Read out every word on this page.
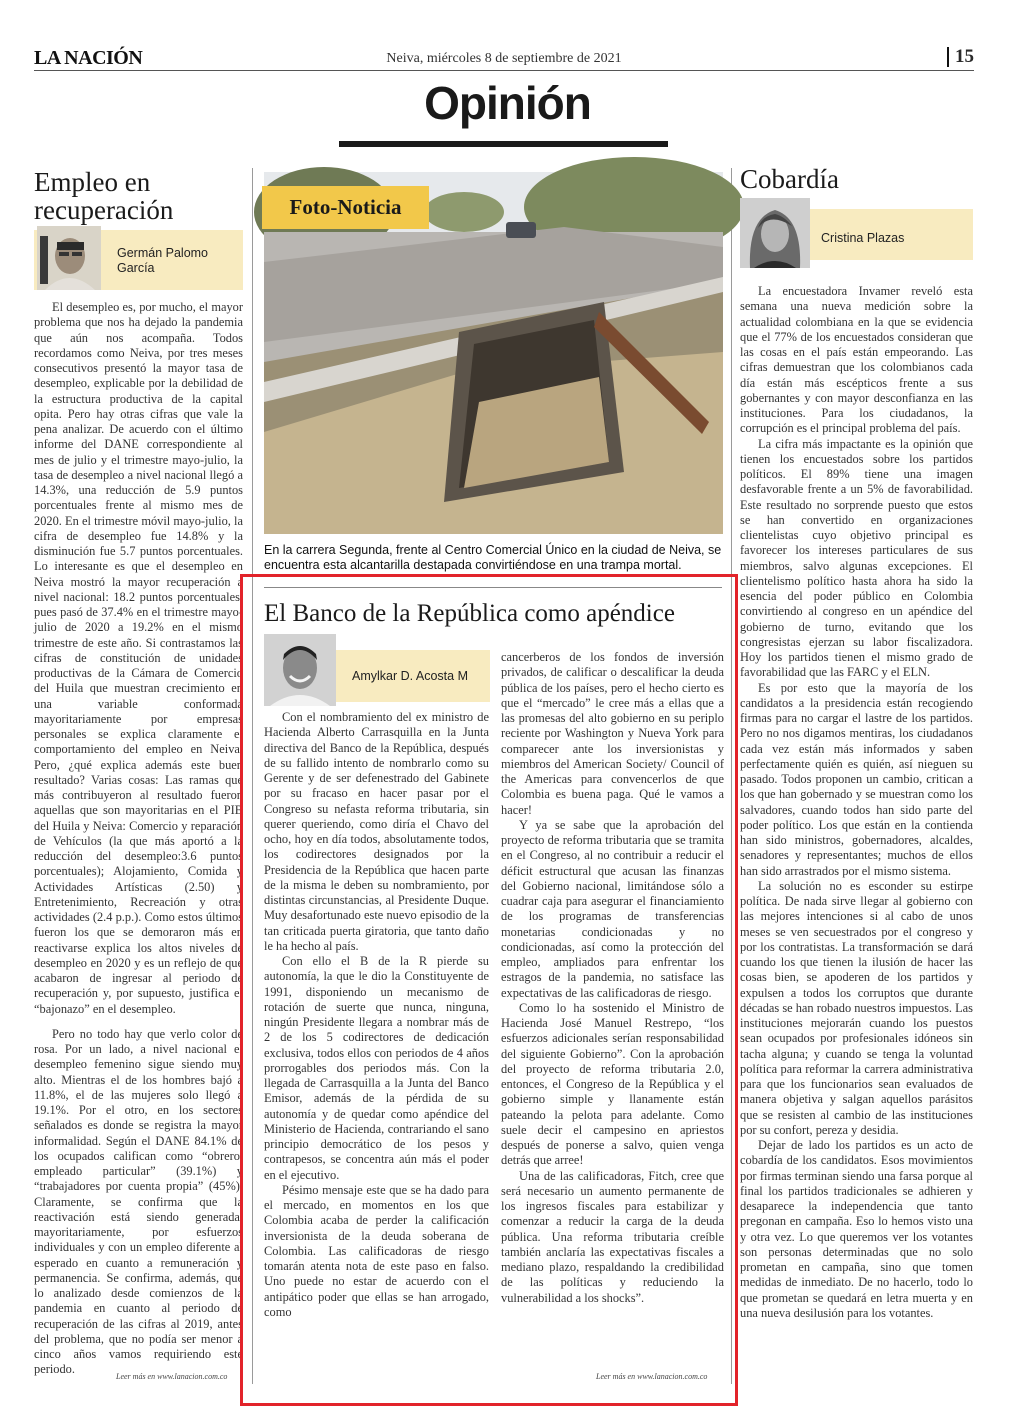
LA NACIÓN	Neiva, miércoles 8 de septiembre de 2021	15
Opinión
Empleo en recuperación
Germán Palomo García

El desempleo es, por mucho, el mayor problema que nos ha dejado la pandemia que aún nos acompaña. Todos recordamos como Neiva, por tres meses consecutivos presentó la mayor tasa de desempleo, explicable por la debilidad de la estructura productiva de la capital opita. Pero hay otras cifras que vale la pena analizar. De acuerdo con el último informe del DANE correspondiente al mes de julio y el trimestre mayo-julio, la tasa de desempleo a nivel nacional llegó a 14.3%, una reducción de 5.9 puntos porcentuales frente al mismo mes de 2020. En el trimestre móvil mayo-julio, la cifra de desempleo fue 14.8% y la disminución fue 5.7 puntos porcentuales. Lo interesante es que el desempleo en Neiva mostró la mayor recuperación a nivel nacional: 18.2 puntos porcentuales, pues pasó de 37.4% en el trimestre mayo-julio de 2020 a 19.2% en el mismo trimestre de este año. Si contrastamos las cifras de constitución de unidades productivas de la Cámara de Comercio del Huila que muestran crecimiento en una variable conformada mayoritariamente por empresas personales se explica claramente el comportamiento del empleo en Neiva. Pero, ¿qué explica además este buen resultado? Varias cosas: Las ramas que más contribuyeron al resultado fueron aquellas que son mayoritarias en el PIB del Huila y Neiva: Comercio y reparación de Vehículos (la que más aportó a la reducción del desempleo:3.6 puntos porcentuales); Alojamiento, Comida y Actividades Artísticas (2.50) y Entretenimiento, Recreación y otras actividades (2.4 p.p.). Como estos últimos fueron los que se demoraron más en reactivarse explica los altos niveles de desempleo en 2020 y es un reflejo de que acabaron de ingresar al periodo de recuperación y, por supuesto, justifica el “bajonazo” en el desempleo.

Pero no todo hay que verlo color de rosa. Por un lado, a nivel nacional el desempleo femenino sigue siendo muy alto. Mientras el de los hombres bajó a 11.8%, el de las mujeres solo llegó a 19.1%. Por el otro, en los sectores señalados es donde se registra la mayor informalidad. Según el DANE 84.1% de los ocupados califican como “obrero, empleado particular” (39.1%) y “trabajadores por cuenta propia” (45%). Claramente, se confirma que la reactivación está siendo generada, mayoritariamente, por esfuerzos individuales y con un empleo diferente al esperado en cuanto a remuneración y permanencia. Se confirma, además, que lo analizado desde comienzos de la pandemia en cuanto al periodo de recuperación de las cifras al 2019, antes del problema, que no podía ser menor a cinco años vamos requiriendo este periodo.

Leer más en www.lanacion.com.co
Foto-Noticia
En la carrera Segunda, frente al Centro Comercial Único en la ciudad de Neiva, se encuentra esta alcantarilla destapada convirtiéndose en una trampa mortal.
El Banco de la República como apéndice
Amylkar D. Acosta M

Con el nombramiento del ex ministro de Hacienda Alberto Carrasquilla en la Junta directiva del Banco de la República, después de su fallido intento de nombrarlo como su Gerente y de ser defenestrado del Gabinete por su fracaso en hacer pasar por el Congreso su nefasta reforma tributaria, sin querer queriendo, como diría el Chavo del ocho, hoy en día todos, absolutamente todos, los codirectores designados por la Presidencia de la República que hacen parte de la misma le deben su nombramiento, por distintas circunstancias, al Presidente Duque. Muy desafortunado este nuevo episodio de la tan criticada puerta giratoria, que tanto daño le ha hecho al país.

Con ello el B de la R pierde su autonomía, la que le dio la Constituyente de 1991, disponiendo un mecanismo de rotación de suerte que nunca, ninguna, ningún Presidente llegara a nombrar más de 2 de los 5 codirectores de dedicación exclusiva, todos ellos con periodos de 4 años prorrogables dos periodos más. Con la llegada de Carrasquilla a la Junta del Banco Emisor, además de la pérdida de su autonomía y de quedar como apéndice del Ministerio de Hacienda, contrariando el sano principio democrático de los pesos y contrapesos, se concentra aún más el poder en el ejecutivo.

Pésimo mensaje este que se ha dado para el mercado, en momentos en los que Colombia acaba de perder la calificación inversionista de la deuda soberana de Colombia. Las calificadoras de riesgo tomarán atenta nota de este paso en falso. Uno puede no estar de acuerdo con el antipático poder que ellas se han arrogado, como

cancerberos de los fondos de inversión privados, de calificar o descalificar la deuda pública de los países, pero el hecho cierto es que el “mercado” le cree más a ellas que a las promesas del alto gobierno en su periplo reciente por Washington y Nueva York para comparecer ante los inversionistas y miembros del American Society/ Council of the Americas para convencerlos de que Colombia es buena paga. Qué le vamos a hacer!

Y ya se sabe que la aprobación del proyecto de reforma tributaria que se tramita en el Congreso, al no contribuir a reducir el déficit estructural que acusan las finanzas del Gobierno nacional, limitándose sólo a cuadrar caja para asegurar el financiamiento de los programas de transferencias monetarias condicionadas y no condicionadas, así como la protección del empleo, ampliados para enfrentar los estragos de la pandemia, no satisface las expectativas de las calificadoras de riesgo.

Como lo ha sostenido el Ministro de Hacienda José Manuel Restrepo, “los esfuerzos adicionales serían responsabilidad del siguiente Gobierno”. Con la aprobación del proyecto de reforma tributaria 2.0, entonces, el Congreso de la República y el gobierno simple y llanamente están pateando la pelota para adelante. Como suele decir el campesino en apriestos después de ponerse a salvo, quien venga detrás que arree!

Una de las calificadoras, Fitch, cree que será necesario un aumento permanente de los ingresos fiscales para estabilizar y comenzar a reducir la carga de la deuda pública. Una reforma tributaria creíble también anclaría las expectativas fiscales a mediano plazo, respaldando la credibilidad de las políticas y reduciendo la vulnerabilidad a los shocks”.

Leer más en www.lanacion.com.co
Cobardía
Cristina Plazas

La encuestadora Invamer reveló esta semana una nueva medición sobre la actualidad colombiana en la que se evidencia que el 77% de los encuestados consideran que las cosas en el país están empeorando. Las cifras demuestran que los colombianos cada día están más escépticos frente a sus gobernantes y con mayor desconfianza en las instituciones. Para los ciudadanos, la corrupción es el principal problema del país.

La cifra más impactante es la opinión que tienen los encuestados sobre los partidos políticos. El 89% tiene una imagen desfavorable frente a un 5% de favorabilidad. Este resultado no sorprende puesto que estos se han convertido en organizaciones clientelistas cuyo objetivo principal es favorecer los intereses particulares de sus miembros, salvo algunas excepciones. El clientelismo político hasta ahora ha sido la esencia del poder público en Colombia convirtiendo al congreso en un apéndice del gobierno de turno, evitando que los congresistas ejerzan su labor fiscalizadora. Hoy los partidos tienen el mismo grado de favorabilidad que las FARC y el ELN.

Es por esto que la mayoría de los candidatos a la presidencia están recogiendo firmas para no cargar el lastre de los partidos. Pero no nos digamos mentiras, los ciudadanos cada vez están más informados y saben perfectamente quién es quién, así nieguen su pasado. Todos proponen un cambio, critican a los que han gobernado y se muestran como los salvadores, cuando todos han sido parte del poder político. Los que están en la contienda han sido ministros, gobernadores, alcaldes, senadores y representantes; muchos de ellos han sido arrastrados por el mismo sistema.

La solución no es esconder su estirpe política. De nada sirve llegar al gobierno con las mejores intenciones si al cabo de unos meses se ven secuestrados por el congreso y por los contratistas. La transformación se dará cuando los que tienen la ilusión de hacer las cosas bien, se apoderen de los partidos y expulsen a todos los corruptos que durante décadas se han robado nuestros impuestos. Las instituciones mejorarán cuando los puestos sean ocupados por profesionales idóneos sin tacha alguna; y cuando se tenga la voluntad política para reformar la carrera administrativa para que los funcionarios sean evaluados de manera objetiva y salgan aquellos parásitos que se resisten al cambio de las instituciones por su confort, pereza y desidia.

Dejar de lado los partidos es un acto de cobardía de los candidatos. Esos movimientos por firmas terminan siendo una farsa porque al final los partidos tradicionales se adhieren y desaparece la independencia que tanto pregonan en campaña. Eso lo hemos visto una y otra vez. Lo que queremos ver los votantes son personas determinadas que no solo prometan en campaña, sino que tomen medidas de inmediato. De no hacerlo, todo lo que prometan se quedará en letra muerta y en una nueva desilusión para los votantes.
